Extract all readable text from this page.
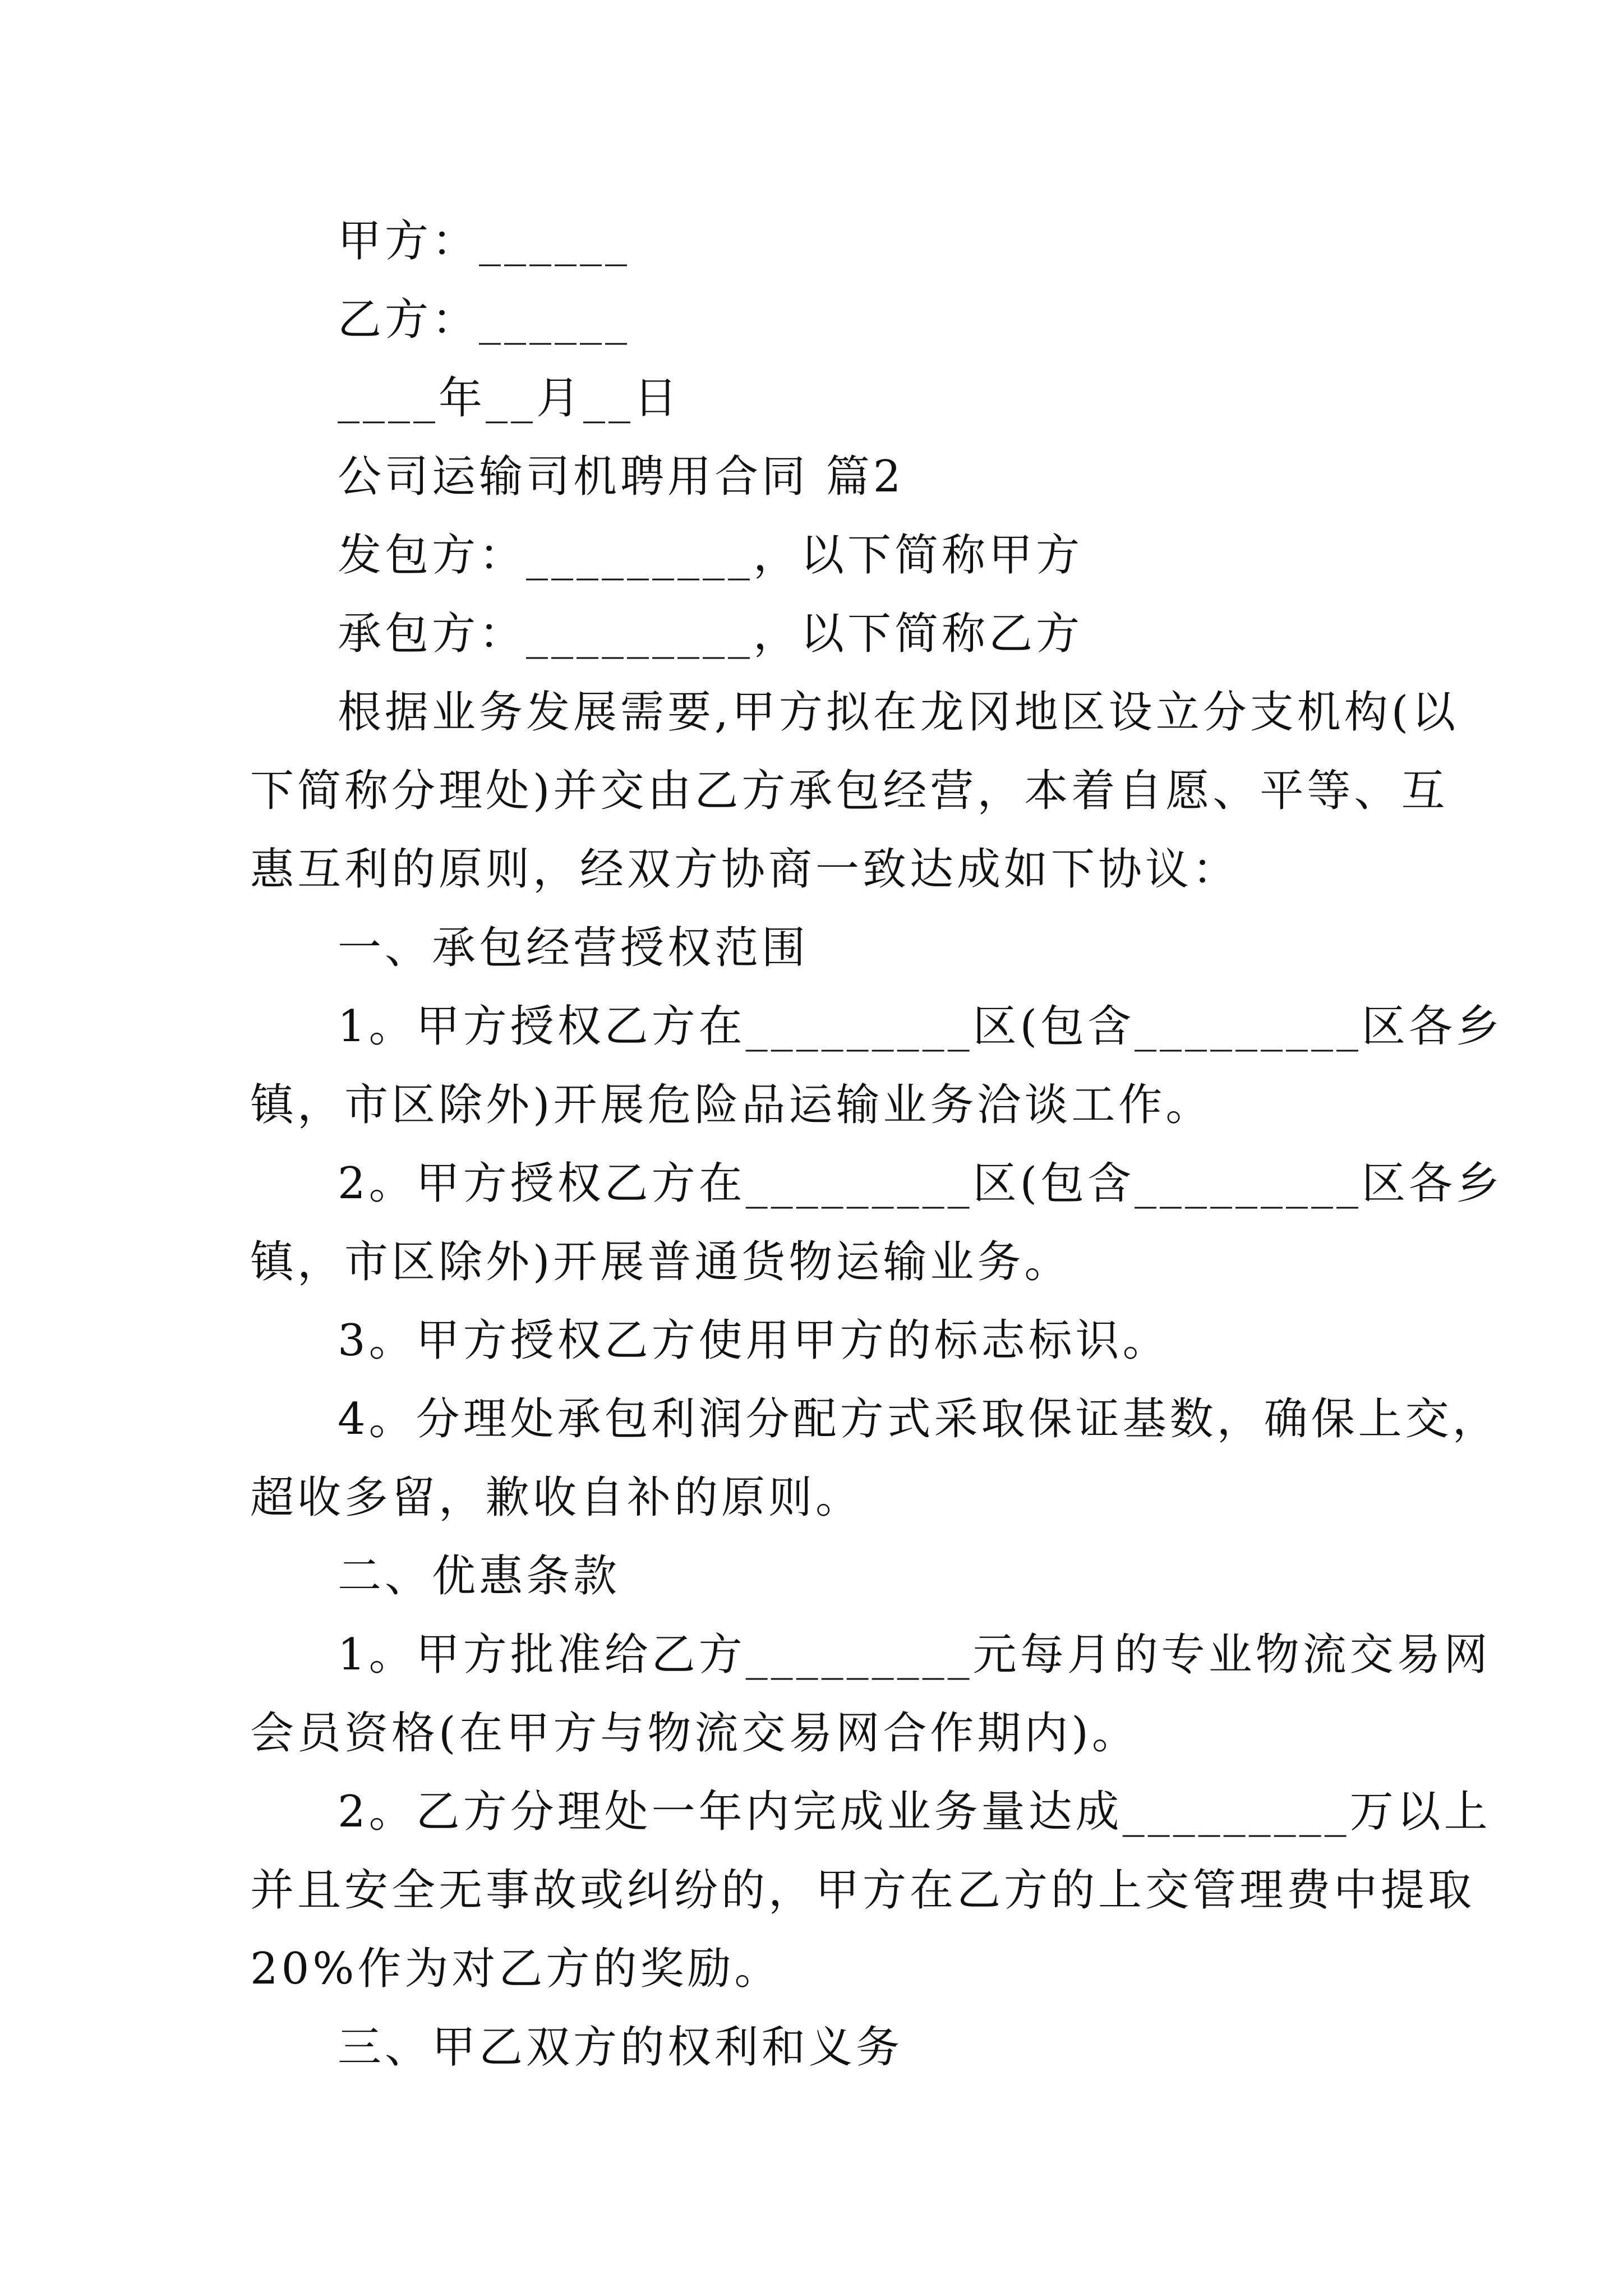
甲方：______
乙方：______
____年__月__日
公司运输司机聘用合同 篇2
发包方：_________，以下简称甲方
承包方：_________，以下简称乙方
根据业务发展需要,甲方拟在龙冈地区设立分支机构(以
下简称分理处)并交由乙方承包经营，本着自愿、平等、互
惠互利的原则，经双方协商一致达成如下协议：
一、承包经营授权范围
1。甲方授权乙方在_________区(包含_________区各乡
镇，市区除外)开展危险品运输业务洽谈工作。
2。甲方授权乙方在_________区(包含_________区各乡
镇，市区除外)开展普通货物运输业务。
3。甲方授权乙方使用甲方的标志标识。
4。分理处承包利润分配方式采取保证基数，确保上交，
超收多留，歉收自补的原则。
二、优惠条款
1。甲方批准给乙方_________元每月的专业物流交易网
会员资格(在甲方与物流交易网合作期内)。
2。乙方分理处一年内完成业务量达成_________万以上
并且安全无事故或纠纷的，甲方在乙方的上交管理费中提取
20%作为对乙方的奖励。
三、甲乙双方的权利和义务
